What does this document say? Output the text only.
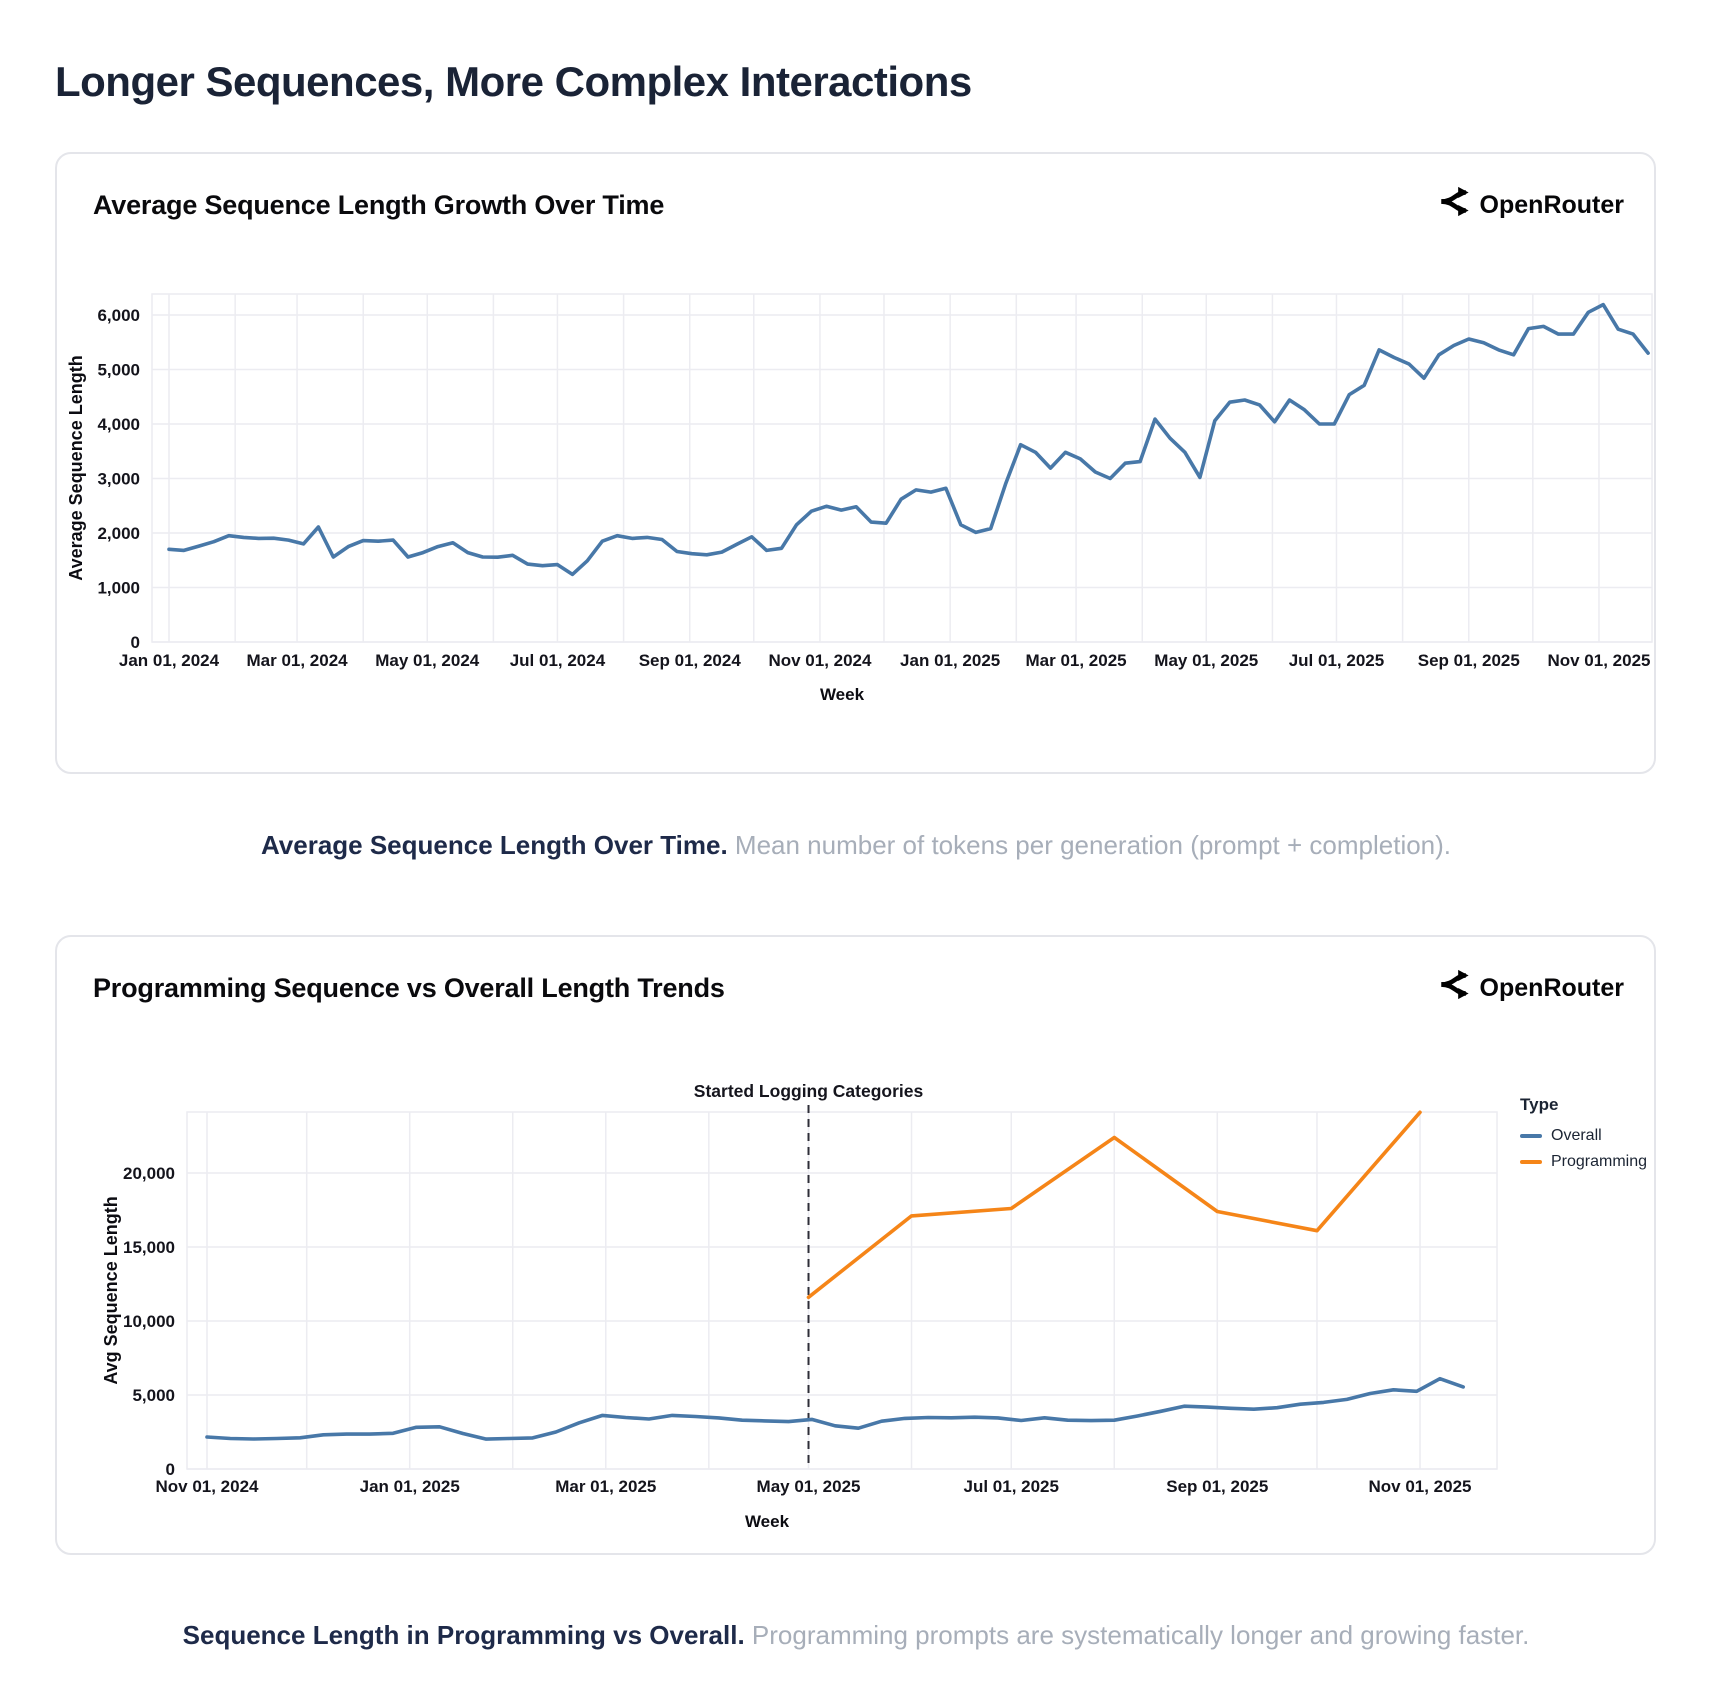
Longer Sequences, More Complex Interactions
Average Sequence Length Growth Over Time	OpenRouter
0
1,000
2,000
3,000
4,000
5,000
6,000
Jan 01, 2024 Mar 01, 2024 May 01, 2024 Jul 01, 2024 Sep 01, 2024 Nov 01, 2024 Jan 01, 2025 Mar 01, 2025 May 01, 2025 Jul 01, 2025 Sep 01, 2025 Nov 01, 2025
Week
Average Sequence Length
Average Sequence Length Over Time. Mean number of tokens per generation (prompt + completion).
Programming Sequence vs Overall Length Trends	OpenRouter
0
5,000
10,000
15,000
20,000
Nov 01, 2024	Jan 01, 2025	Mar 01, 2025	May 01, 2025	Jul 01, 2025	Sep 01, 2025	Nov 01, 2025
Week
Avg Sequence Length
Started Logging Categories
Type
Overall
Programming
Sequence Length in Programming vs Overall. Programming prompts are systematically longer and growing faster.
